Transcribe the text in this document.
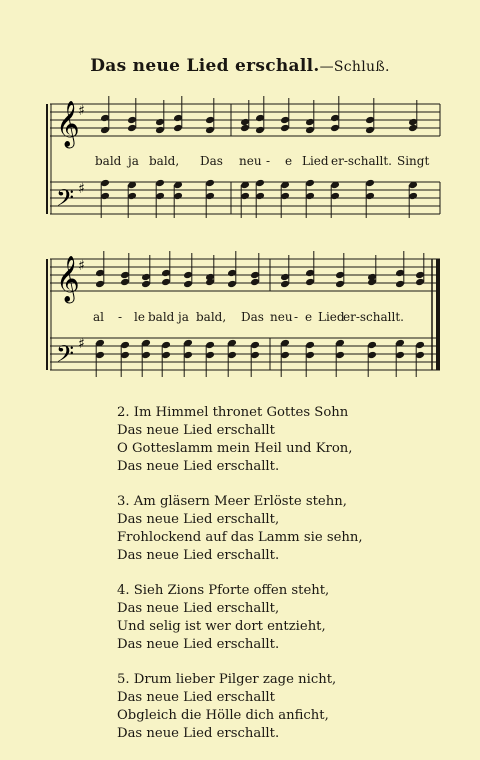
Das neue Lied erschall.—Schluß.
𝄞
𝄢
𝄞
𝄢
♯
♯
♯
♯
bald ja bald, Das neu - e Lied er-schallt. Singt
al - le bald ja bald, Das neu - e Lied
er-schallt.
2. Im Himmel thronet Gottes Sohn
Das neue Lied erschallt
O Gotteslamm mein Heil und Kron,
Das neue Lied erschallt.
3. Am gläsern Meer Erlöste stehn,
Das neue Lied erschallt,
Frohlockend auf das Lamm sie sehn,
Das neue Lied erschallt.
4. Sieh Zions Pforte offen steht,
Das neue Lied erschallt,
Und selig ist wer dort entzieht,
Das neue Lied erschallt.
5. Drum lieber Pilger zage nicht,
Das neue Lied erschallt
Obgleich die Hölle dich anficht,
Das neue Lied erschallt.
